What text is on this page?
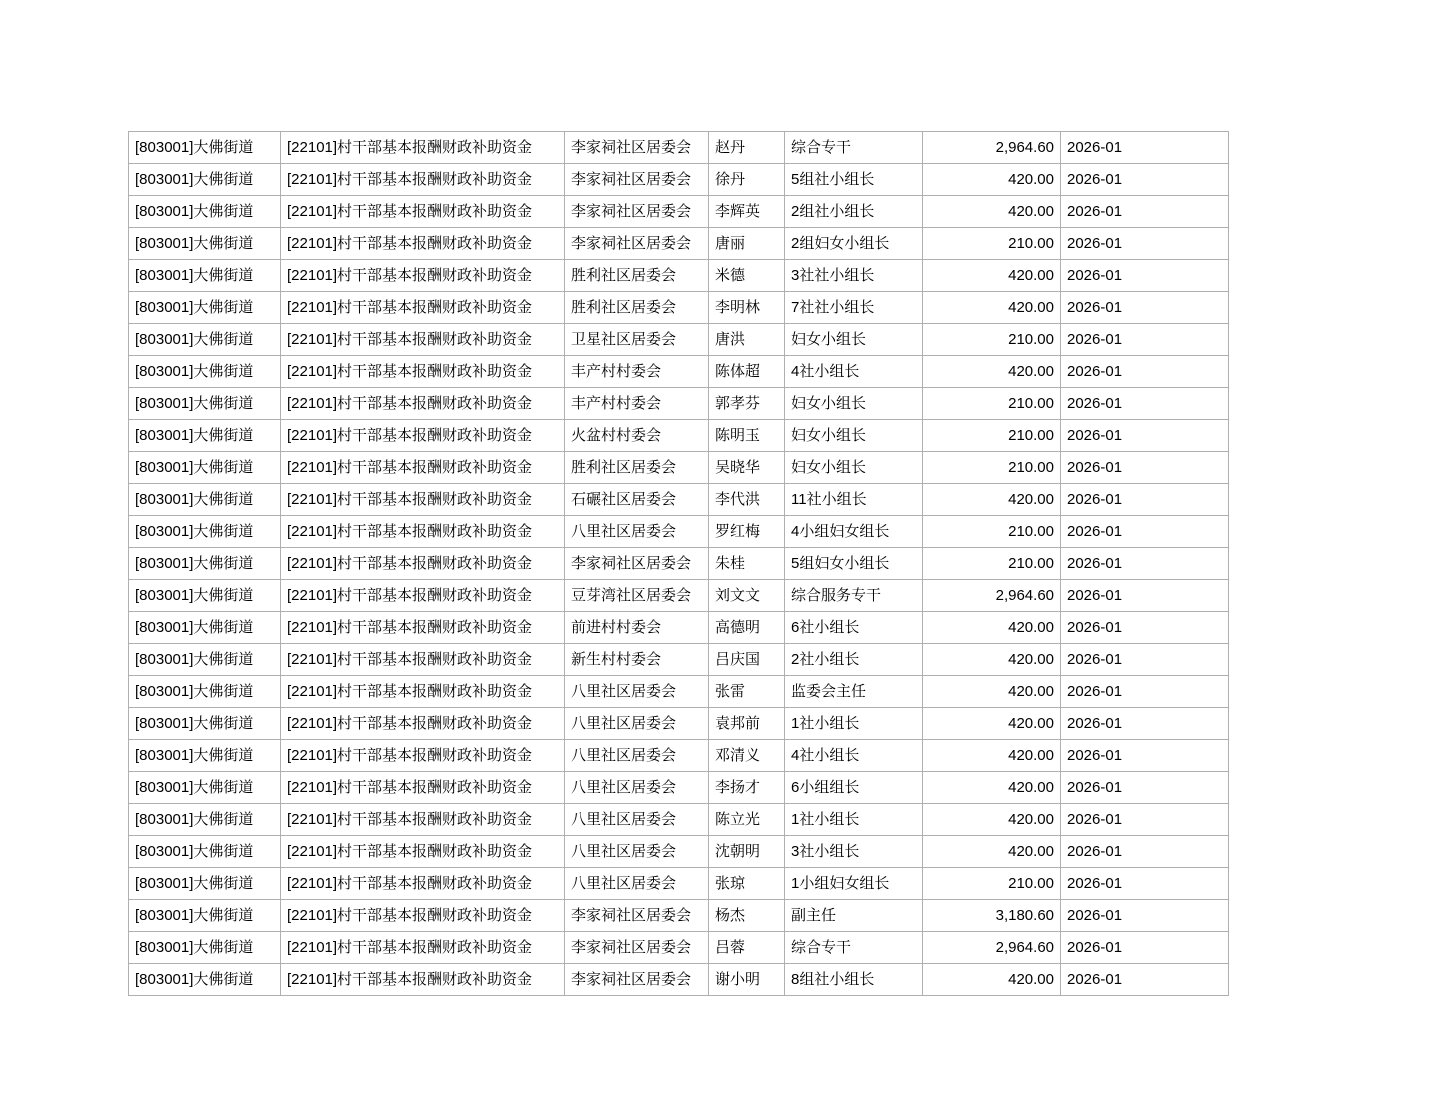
[803001]大佛街道	[22101]村干部基本报酬财政补助资金	李家祠社区居委会	赵丹	综合专干	2,964.60	2026-01
[803001]大佛街道	[22101]村干部基本报酬财政补助资金	李家祠社区居委会	徐丹	5组社小组长	420.00	2026-01
[803001]大佛街道	[22101]村干部基本报酬财政补助资金	李家祠社区居委会	李辉英	2组社小组长	420.00	2026-01
[803001]大佛街道	[22101]村干部基本报酬财政补助资金	李家祠社区居委会	唐丽	2组妇女小组长	210.00	2026-01
[803001]大佛街道	[22101]村干部基本报酬财政补助资金	胜利社区居委会	米德	3社社小组长	420.00	2026-01
[803001]大佛街道	[22101]村干部基本报酬财政补助资金	胜利社区居委会	李明林	7社社小组长	420.00	2026-01
[803001]大佛街道	[22101]村干部基本报酬财政补助资金	卫星社区居委会	唐洪	妇女小组长	210.00	2026-01
[803001]大佛街道	[22101]村干部基本报酬财政补助资金	丰产村村委会	陈体超	4社小组长	420.00	2026-01
[803001]大佛街道	[22101]村干部基本报酬财政补助资金	丰产村村委会	郭孝芬	妇女小组长	210.00	2026-01
[803001]大佛街道	[22101]村干部基本报酬财政补助资金	火盆村村委会	陈明玉	妇女小组长	210.00	2026-01
[803001]大佛街道	[22101]村干部基本报酬财政补助资金	胜利社区居委会	吴晓华	妇女小组长	210.00	2026-01
[803001]大佛街道	[22101]村干部基本报酬财政补助资金	石碾社区居委会	李代洪	11社小组长	420.00	2026-01
[803001]大佛街道	[22101]村干部基本报酬财政补助资金	八里社区居委会	罗红梅	4小组妇女组长	210.00	2026-01
[803001]大佛街道	[22101]村干部基本报酬财政补助资金	李家祠社区居委会	朱桂	5组妇女小组长	210.00	2026-01
[803001]大佛街道	[22101]村干部基本报酬财政补助资金	豆芽湾社区居委会	刘文文	综合服务专干	2,964.60	2026-01
[803001]大佛街道	[22101]村干部基本报酬财政补助资金	前进村村委会	高德明	6社小组长	420.00	2026-01
[803001]大佛街道	[22101]村干部基本报酬财政补助资金	新生村村委会	吕庆国	2社小组长	420.00	2026-01
[803001]大佛街道	[22101]村干部基本报酬财政补助资金	八里社区居委会	张雷	监委会主任	420.00	2026-01
[803001]大佛街道	[22101]村干部基本报酬财政补助资金	八里社区居委会	袁邦前	1社小组长	420.00	2026-01
[803001]大佛街道	[22101]村干部基本报酬财政补助资金	八里社区居委会	邓清义	4社小组长	420.00	2026-01
[803001]大佛街道	[22101]村干部基本报酬财政补助资金	八里社区居委会	李扬才	6小组组长	420.00	2026-01
[803001]大佛街道	[22101]村干部基本报酬财政补助资金	八里社区居委会	陈立光	1社小组长	420.00	2026-01
[803001]大佛街道	[22101]村干部基本报酬财政补助资金	八里社区居委会	沈朝明	3社小组长	420.00	2026-01
[803001]大佛街道	[22101]村干部基本报酬财政补助资金	八里社区居委会	张琼	1小组妇女组长	210.00	2026-01
[803001]大佛街道	[22101]村干部基本报酬财政补助资金	李家祠社区居委会	杨杰	副主任	3,180.60	2026-01
[803001]大佛街道	[22101]村干部基本报酬财政补助资金	李家祠社区居委会	吕蓉	综合专干	2,964.60	2026-01
[803001]大佛街道	[22101]村干部基本报酬财政补助资金	李家祠社区居委会	谢小明	8组社小组长	420.00	2026-01
